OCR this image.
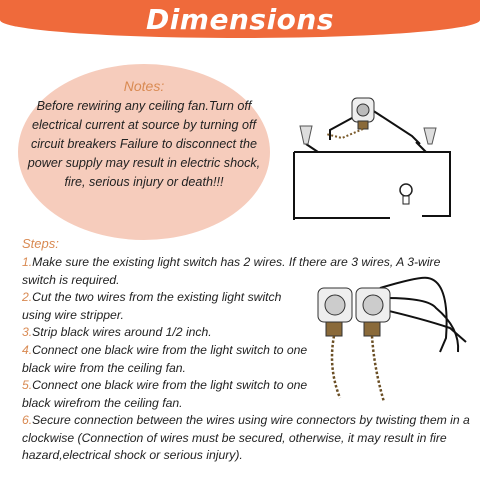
Dimensions
Notes:
Before rewiring any ceiling fan.Turn off electrical current at source by turning off circuit breakers Failure to disconnect the power supply may result in electric shock, fire, serious injury or death!!!
Steps:
1.Make sure the existing light switch has 2 wires. If there are 3 wires, A 3-wire switch is required.
2.Cut the two wires from the existing light switch using wire stripper.
3.Strip black wires around 1/2 inch.
4.Connect one black wire from the light switch to one black wire from the ceiling fan.
5.Connect one black wire from the light switch to one black wirefrom the ceiling fan.
6.Secure connection between the wires using wire connectors by twisting them in a clockwise (Connection of wires must be secured, otherwise, it may result in fire hazard,electrical shock or serious injury).
